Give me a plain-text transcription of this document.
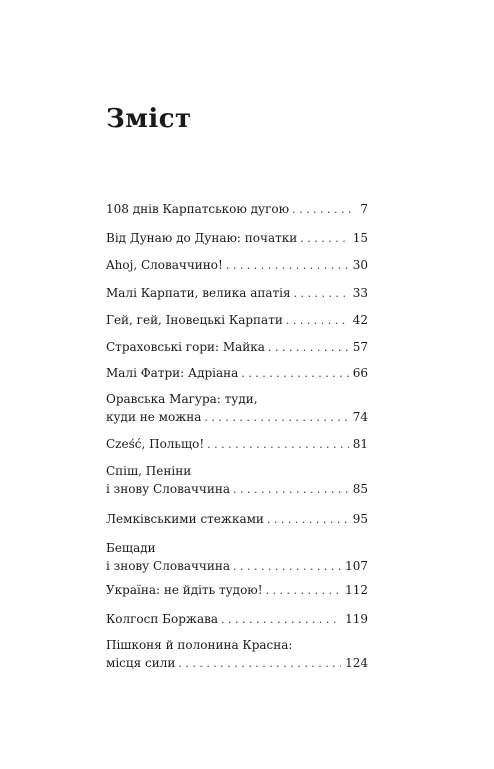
Зміст
108 днів Карпатською дугою . . .	7
Від Дунаю до Дунаю: початки . . .	15
Ahoj, Словаччино! . . .	30
Малі Карпати, велика апатія . . .	33
Гей, гей, Іновецькі Карпати . . .	42
Страховські гори: Майка . . .	57
Малі Фатри: Адріана . . .	66
Оравська Магура: туди,
куди не можна . . .	74
Cześć, Польщо! . . .	81
Спіш, Пеніни
і знову Словаччина . . .	85
Лемківськими стежками . . .	95
Бещади
і знову Словаччина . . .	107
Україна: не йдіть тудою! . . .	112
Колгосп Боржава . . .	119
Пішконя й полонина Красна:
місця сили . . .	124
